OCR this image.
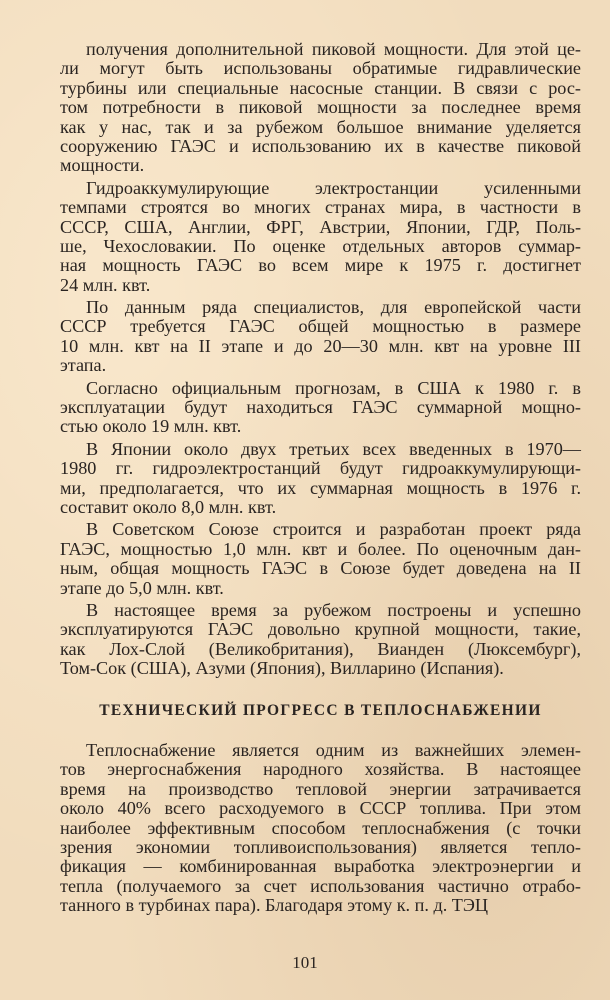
получения дополнительной пиковой мощности. Для этой це-
ли могут быть использованы обратимые гидравлические
турбины или специальные насосные станции. В связи с рос-
том потребности в пиковой мощности за последнее время
как у нас, так и за рубежом большое внимание уделяется
сооружению ГАЭС и использованию их в качестве пиковой
мощности.

Гидроаккумулирующие электростанции усиленными
темпами строятся во многих странах мира, в частности в
СССР, США, Англии, ФРГ, Австрии, Японии, ГДР, Поль-
ше, Чехословакии. По оценке отдельных авторов суммар-
ная мощность ГАЭС во всем мире к 1975 г. достигнет
24 млн. квт.

По данным ряда специалистов, для европейской части
СССР требуется ГАЭС общей мощностью в размере
10 млн. квт на II этапе и до 20—30 млн. квт на уровне III
этапа.

Согласно официальным прогнозам, в США к 1980 г. в
эксплуатации будут находиться ГАЭС суммарной мощно-
стью около 19 млн. квт.

В Японии около двух третьих всех введенных в 1970—
1980 гг. гидроэлектростанций будут гидроаккумулирующи-
ми, предполагается, что их суммарная мощность в 1976 г.
составит около 8,0 млн. квт.

В Советском Союзе строится и разработан проект ряда
ГАЭС, мощностью 1,0 млн. квт и более. По оценочным дан-
ным, общая мощность ГАЭС в Союзе будет доведена на II
этапе до 5,0 млн. квт.

В настоящее время за рубежом построены и успешно
эксплуатируются ГАЭС довольно крупной мощности, такие,
как Лох-Слой (Великобритания), Вианден (Люксембург),
Том-Сок (США), Азуми (Япония), Вилларино (Испания).

ТЕХНИЧЕСКИЙ ПРОГРЕСС В ТЕПЛОСНАБЖЕНИИ

Теплоснабжение является одним из важнейших элемен-
тов энергоснабжения народного хозяйства. В настоящее
время на производство тепловой энергии затрачивается
около 40% всего расходуемого в СССР топлива. При этом
наиболее эффективным способом теплоснабжения (с точки
зрения экономии топливоиспользования) является тепло-
фикация — комбинированная выработка электроэнергии и
тепла (получаемого за счет использования частично отрабо-
танного в турбинах пара). Благодаря этому к. п. д. ТЭЦ

101
